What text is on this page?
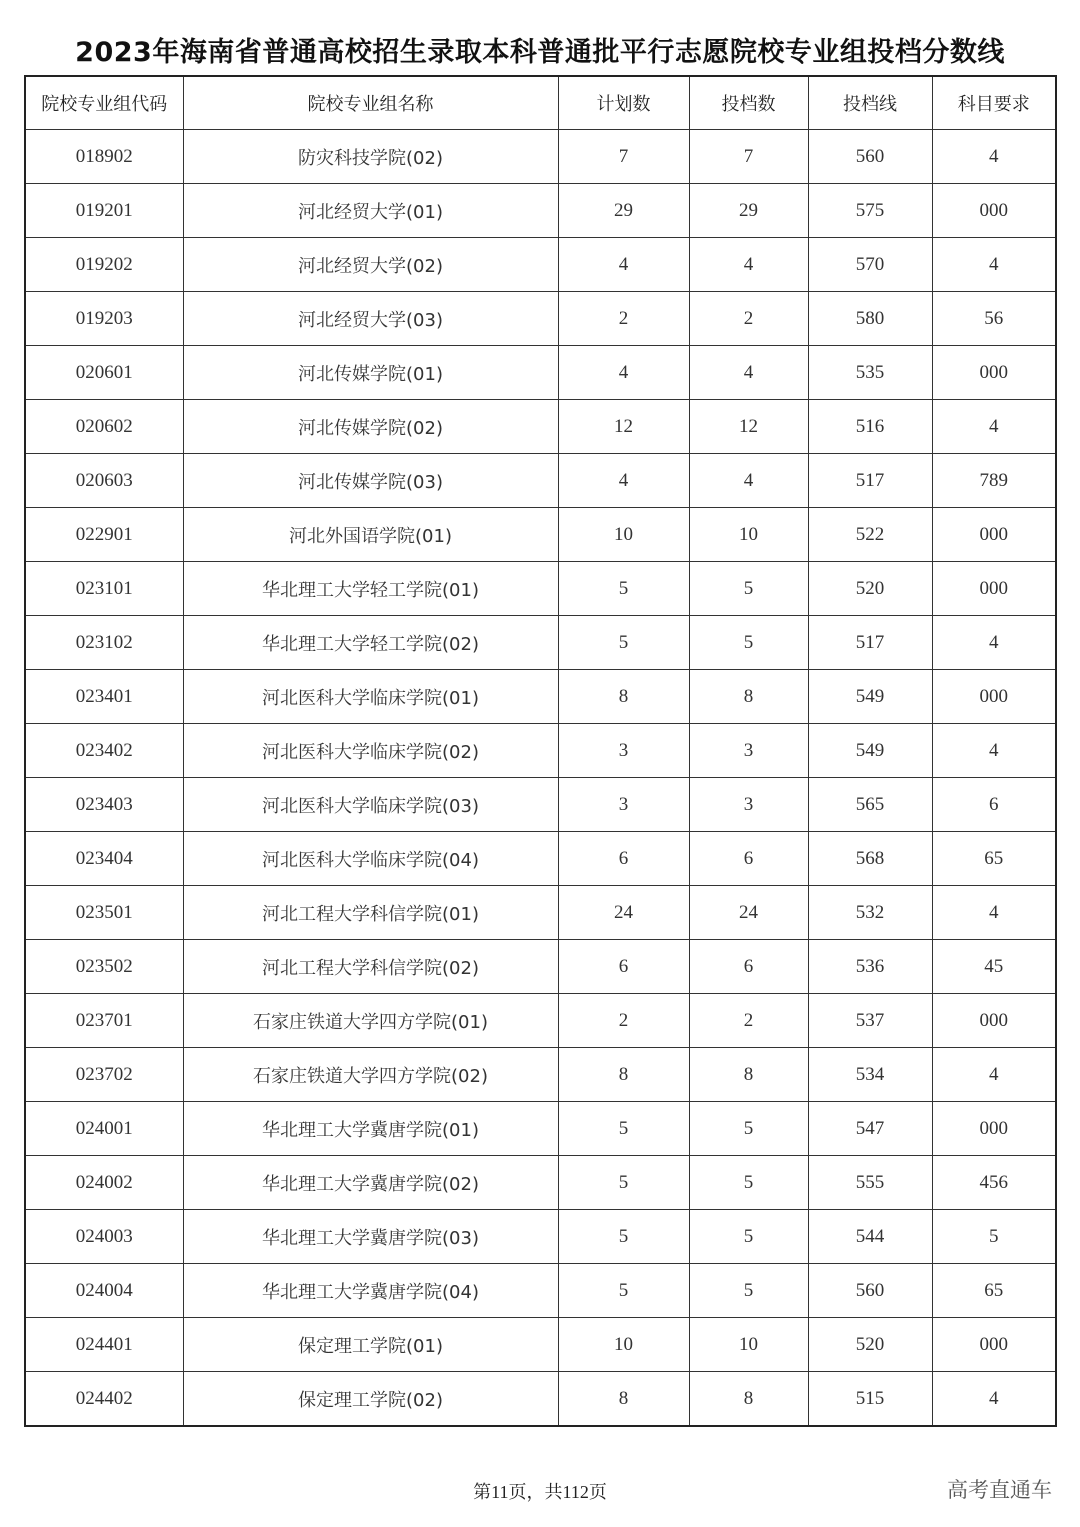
2023年海南省普通高校招生录取本科普通批平行志愿院校专业组投档分数线
院校专业组代码	院校专业组名称	计划数	投档数	投档线	科目要求
018902	防灾科技学院(02)	7	7	560	4
019201	河北经贸大学(01)	29	29	575	000
019202	河北经贸大学(02)	4	4	570	4
019203	河北经贸大学(03)	2	2	580	56
020601	河北传媒学院(01)	4	4	535	000
020602	河北传媒学院(02)	12	12	516	4
020603	河北传媒学院(03)	4	4	517	789
022901	河北外国语学院(01)	10	10	522	000
023101	华北理工大学轻工学院(01)	5	5	520	000
023102	华北理工大学轻工学院(02)	5	5	517	4
023401	河北医科大学临床学院(01)	8	8	549	000
023402	河北医科大学临床学院(02)	3	3	549	4
023403	河北医科大学临床学院(03)	3	3	565	6
023404	河北医科大学临床学院(04)	6	6	568	65
023501	河北工程大学科信学院(01)	24	24	532	4
023502	河北工程大学科信学院(02)	6	6	536	45
023701	石家庄铁道大学四方学院(01)	2	2	537	000
023702	石家庄铁道大学四方学院(02)	8	8	534	4
024001	华北理工大学冀唐学院(01)	5	5	547	000
024002	华北理工大学冀唐学院(02)	5	5	555	456
024003	华北理工大学冀唐学院(03)	5	5	544	5
024004	华北理工大学冀唐学院(04)	5	5	560	65
024401	保定理工学院(01)	10	10	520	000
024402	保定理工学院(02)	8	8	515	4
第11页，共112页	高考直通车
